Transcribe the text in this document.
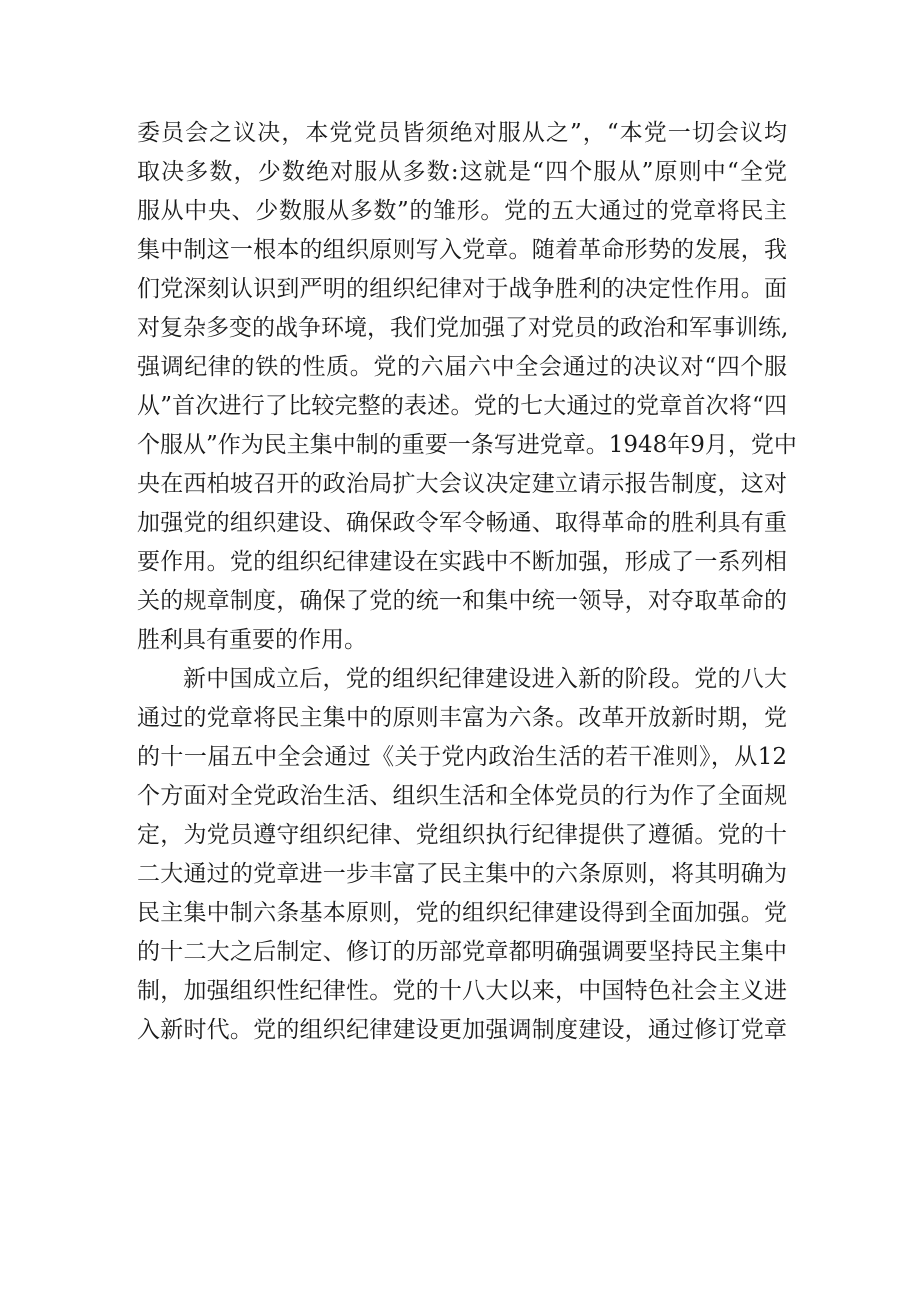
委员会之议决，本党党员皆须绝对服从之”，“本党一切会议均
取决多数，少数绝对服从多数:这就是“四个服从”原则中“全党
服从中央、少数服从多数”的雏形。党的五大通过的党章将民主
集中制这一根本的组织原则写入党章。随着革命形势的发展，我
们党深刻认识到严明的组织纪律对于战争胜利的决定性作用。面
对复杂多变的战争环境，我们党加强了对党员的政治和军事训练,
强调纪律的铁的性质。党的六届六中全会通过的决议对“四个服
从”首次进行了比较完整的表述。党的七大通过的党章首次将“四
个服从”作为民主集中制的重要一条写进党章。1948年9月，党中
央在西柏坡召开的政治局扩大会议决定建立请示报告制度，这对
加强党的组织建设、确保政令军令畅通、取得革命的胜利具有重
要作用。党的组织纪律建设在实践中不断加强，形成了一系列相
关的规章制度，确保了党的统一和集中统一领导，对夺取革命的
胜利具有重要的作用。
新中国成立后，党的组织纪律建设进入新的阶段。党的八大
通过的党章将民主集中的原则丰富为六条。改革开放新时期，党
的十一届五中全会通过《关于党内政治生活的若干准则》，从12
个方面对全党政治生活、组织生活和全体党员的行为作了全面规
定，为党员遵守组织纪律、党组织执行纪律提供了遵循。党的十
二大通过的党章进一步丰富了民主集中的六条原则，将其明确为
民主集中制六条基本原则，党的组织纪律建设得到全面加强。党
的十二大之后制定、修订的历部党章都明确强调要坚持民主集中
制，加强组织性纪律性。党的十八大以来，中国特色社会主义进
入新时代。党的组织纪律建设更加强调制度建设，通过修订党章
